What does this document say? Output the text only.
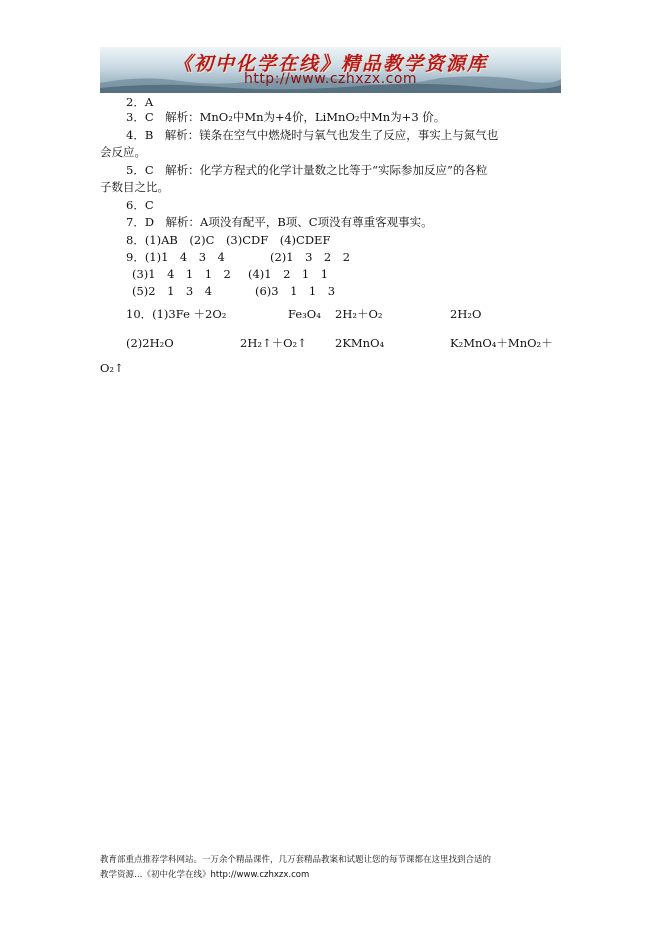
《初中化学在线》精品教学资源库
http://www.czhxzx.com
2．A
3．C　解析：MnO₂中Mn为+4价，LiMnO₂中Mn为+3 价。
4．B　解析：镁条在空气中燃烧时与氧气也发生了反应，事实上与氮气也
会反应。
5．C　解析：化学方程式的化学计量数之比等于“实际参加反应”的各粒
子数目之比。
6．C
7．D　解析：A项没有配平，B项、C项没有尊重客观事实。
8．(1)AB　(2)C　(3)CDF　(4)CDEF
9．(1)1　4　3　4	(2)1　3　2　2
(3)1　4　1　1　2 (4)1　2　1　1
(5)2　1　3　4	(6)3　1　1　3
10．(1)3Fe ＋2O₂	Fe₃O₄ 2H₂＋O₂	2H₂O
(2)2H₂O	2H₂↑＋O₂↑ 2KMnO₄	K₂MnO₄＋MnO₂＋
O₂↑
教育部重点推荐学科网站。一万余个精品课件，几万套精品教案和试题让您的每节课都在这里找到合适的
教学资源…《初中化学在线》http://www.czhxzx.com
